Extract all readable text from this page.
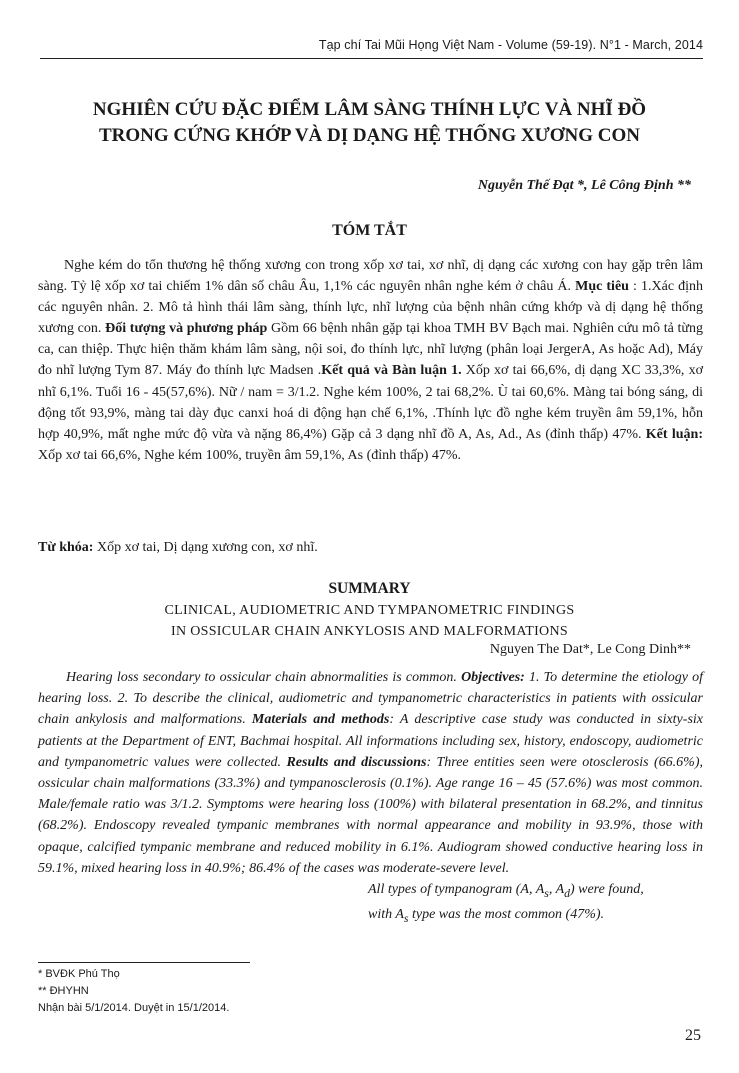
Tạp chí Tai Mũi Họng Việt Nam - Volume (59-19). N°1 - March, 2014
NGHIÊN CỨU ĐẶC ĐIỂM LÂM SÀNG THÍNH LỰC VÀ NHĨ ĐỒ
TRONG CỨNG KHỚP VÀ DỊ DẠNG HỆ THỐNG XƯƠNG CON
Nguyễn Thế Đạt *, Lê Công Định **
TÓM TẮT

Nghe kém do tổn thương hệ thống xương con trong xốp xơ tai, xơ nhĩ, dị dạng các xương con hay gặp trên lâm sàng. Tỷ lệ xốp xơ tai chiếm 1% dân số châu Âu, 1,1% các nguyên nhân nghe kém ở châu Á. Mục tiêu : 1.Xác định các nguyên nhân. 2. Mô tả hình thái lâm sàng, thính lực, nhĩ lượng của bệnh nhân cứng khớp và dị dạng hệ thống xương con. Đối tượng và phương pháp Gồm 66 bệnh nhân gặp tại khoa TMH BV Bạch mai. Nghiên cứu mô tả từng ca, can thiệp. Thực hiện thăm khám lâm sàng, nội soi, đo thính lực, nhĩ lượng (phân loại JergerA, As hoặc Ad), Máy đo nhĩ lượng Tym 87. Máy đo thính lực Madsen .Kết quả và Bàn luận 1. Xốp xơ tai 66,6%, dị dạng XC 33,3%, xơ nhĩ 6,1%. Tuổi 16 - 45(57,6%). Nữ / nam = 3/1.2. Nghe kém 100%, 2 tai 68,2%. Ù tai 60,6%. Màng tai bóng sáng, di động tốt 93,9%, màng tai dày đục canxi hoá di động hạn chế 6,1%, .Thính lực đồ nghe kém truyền âm 59,1%, hỗn hợp 40,9%, mất nghe mức độ vừa và nặng 86,4%) Gặp cả 3 dạng nhĩ đồ A, As, Ad., As (đỉnh thấp) 47%. Kết luận: Xốp xơ tai 66,6%, Nghe kém 100%, truyền âm 59,1%, As (đỉnh thấp) 47%.

Từ khóa: Xốp xơ tai, Dị dạng xương con, xơ nhĩ.
SUMMARY
CLINICAL, AUDIOMETRIC AND TYMPANOMETRIC FINDINGS
IN OSSICULAR CHAIN ANKYLOSIS AND MALFORMATIONS
Nguyen The Dat*, Le Cong Dinh**

Hearing loss secondary to ossicular chain abnormalities is common. Objectives: 1. To determine the etiology of hearing loss. 2. To describe the clinical, audiometric and tympanometric characteristics in patients with ossicular chain ankylosis and malformations. Materials and methods: A descriptive case study was conducted in sixty-six patients at the Department of ENT, Bachmai hospital. All informations including sex, history, endoscopy, audiometric and tympanometric values were collected. Results and discussions: Three entities seen were otosclerosis (66.6%), ossicular chain malformations (33.3%) and tympanosclerosis (0.1%). Age range 16 – 45 (57.6%) was most common. Male/female ratio was 3/1.2. Symptoms were hearing loss (100%) with bilateral presentation in 68.2%, and tinnitus (68.2%). Endoscopy revealed tympanic membranes with normal appearance and mobility in 93.9%, those with opaque, calcified tympanic membrane and reduced mobility in 6.1%. Audiogram showed conductive hearing loss in 59.1%, mixed hearing loss in 40.9%; 86.4% of the cases was moderate-severe level.

All types of tympanogram (A, $A_s$, $A_d$) were found,

with $A_s$ type was the most common (47%).

* BVĐK Phú Thọ
** ĐHYHN
Nhận bài 5/1/2014. Duyệt in 15/1/2014.
25
